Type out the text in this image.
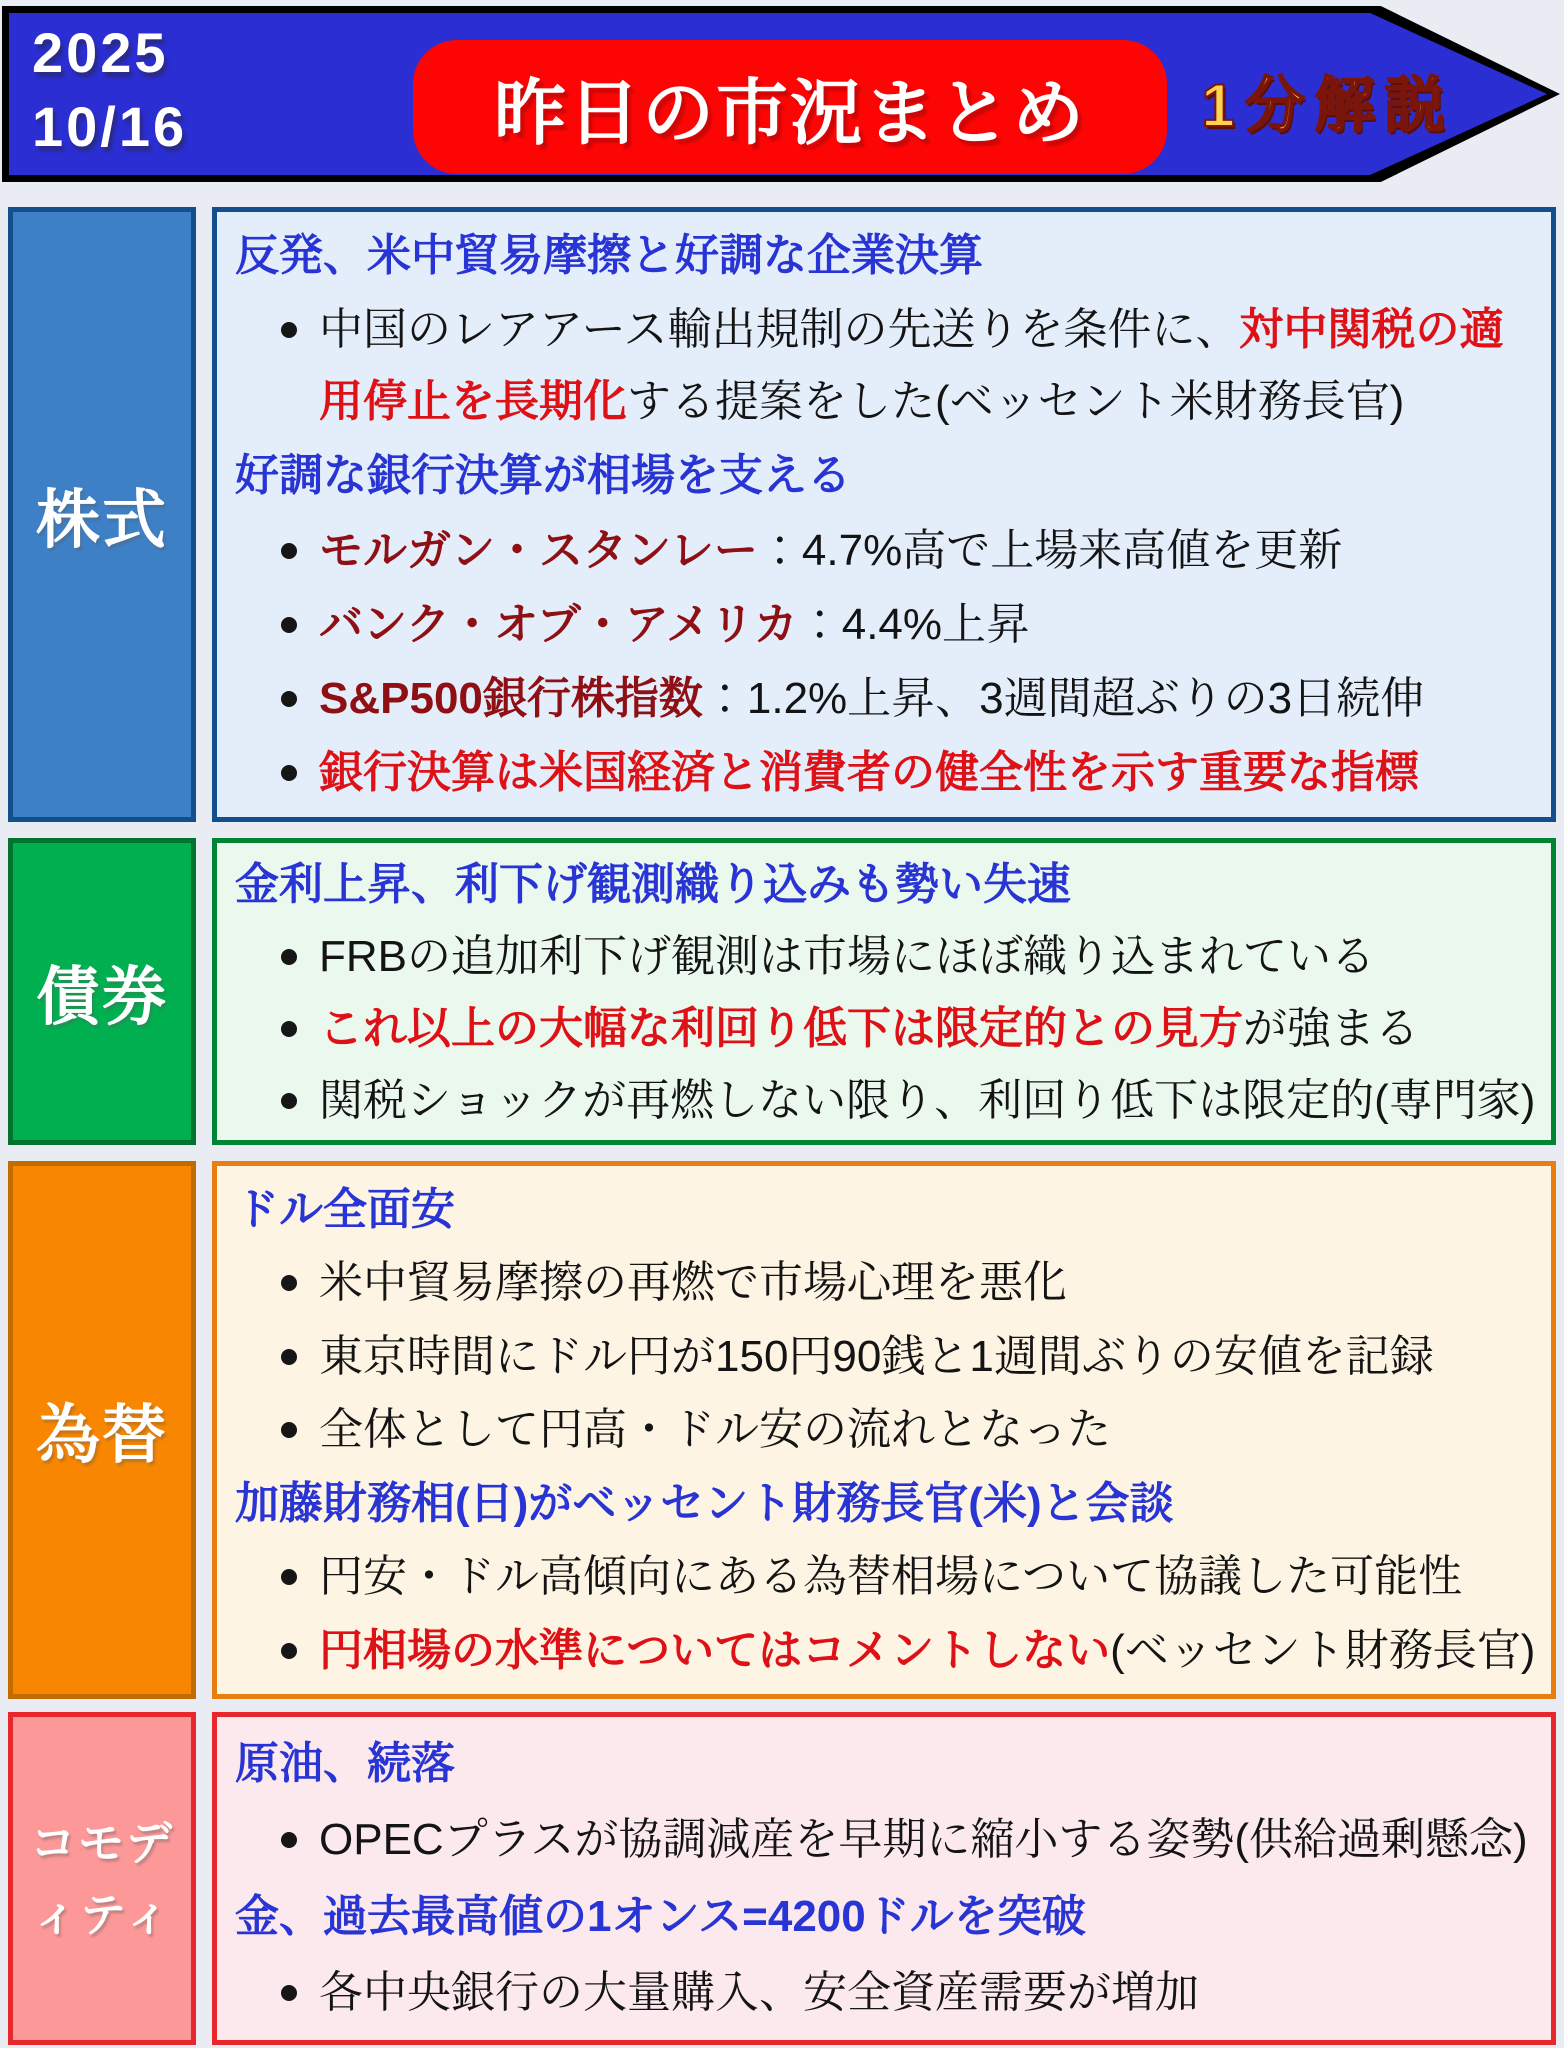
2025
10/16	昨日の市況まとめ	1分解説
株式
反発、米中貿易摩擦と好調な企業決算
中国のレアアース輸出規制の先送りを条件に、対中関税の適用停止を長期化する提案をした(ベッセント米財務長官)
好調な銀行決算が相場を支える
モルガン・スタンレー：4.7%高で上場来高値を更新
バンク・オブ・アメリカ：4.4%上昇
S&P500銀行株指数：1.2%上昇、3週間超ぶりの3日続伸
銀行決算は米国経済と消費者の健全性を示す重要な指標
債券
金利上昇、利下げ観測織り込みも勢い失速
FRBの追加利下げ観測は市場にほぼ織り込まれている
これ以上の大幅な利回り低下は限定的との見方が強まる
関税ショックが再燃しない限り、利回り低下は限定的(専門家)
為替
ドル全面安
米中貿易摩擦の再燃で市場心理を悪化
東京時間にドル円が150円90銭と1週間ぶりの安値を記録
全体として円高・ドル安の流れとなった
加藤財務相(日)がベッセント財務長官(米)と会談
円安・ドル高傾向にある為替相場について協議した可能性
円相場の水準についてはコメントしない(ベッセント財務長官)
コモディティ
原油、続落
OPECプラスが協調減産を早期に縮小する姿勢(供給過剰懸念)
金、過去最高値の1オンス=4200ドルを突破
各中央銀行の大量購入、安全資産需要が増加
